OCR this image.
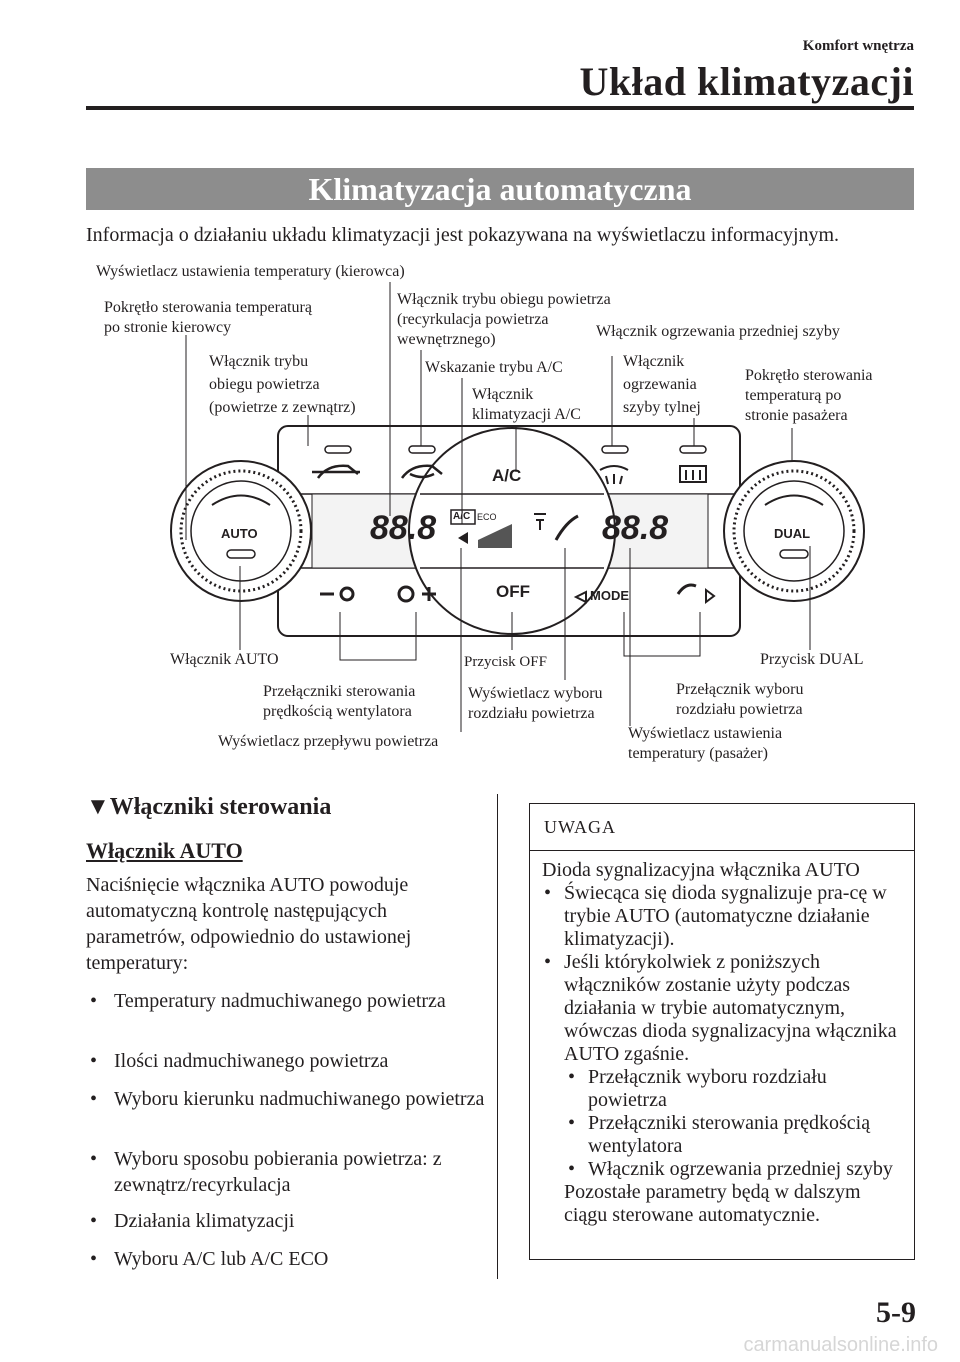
Komfort wnętrza
Układ klimatyzacji
Klimatyzacja automatyczna
Informacja o działaniu układu klimatyzacji jest pokazywana na wyświetlaczu informacyjnym.
A/C
OFF
AUTO	DUAL
MODE
88.8	88.8
A/C ECO
Wyświetlacz ustawienia temperatury (kierowca)
Pokrętło sterowania temperaturą
po stronie kierowcy
Włącznik trybu obiegu powietrza
(recyrkulacja powietrza
wewnętrznego)	Włącznik ogrzewania przedniej szyby
Włącznik trybu
obiegu powietrza
(powietrze z zewnątrz)
Wskazanie trybu A/C
Włącznik
klimatyzacji A/C
Włącznik
ogrzewania
szyby tylnej
Pokrętło sterowania
temperaturą po
stronie pasażera
Włącznik AUTO	Przycisk OFF	Przycisk DUAL
Przełączniki sterowania
prędkością wentylatora
Wyświetlacz przepływu powietrza
Wyświetlacz wyboru
rozdziału powietrza
Przełącznik wyboru
rozdziału powietrza
Wyświetlacz ustawienia
temperatury (pasażer)
▼Włączniki sterowania
Włącznik AUTO
Naciśnięcie włącznika AUTO powoduje automatyczną kontrolę następujących parametrów, odpowiednio do ustawionej temperatury:
• Temperatury nadmuchiwanego powietrza
• Ilości nadmuchiwanego powietrza
• Wyboru kierunku nadmuchiwanego powietrza
• Wyboru sposobu pobierania powietrza: z zewnątrz/recyrkulacja
• Działania klimatyzacji
• Wyboru A/C lub A/C ECO
UWAGA
Dioda sygnalizacyjna włącznika AUTO
• Świecąca się dioda sygnalizuje pra-cę w trybie AUTO (automatyczne działanie klimatyzacji).
• Jeśli którykolwiek z poniższych włączników zostanie użyty podczas działania w trybie automatycznym, wówczas dioda sygnalizacyjna włącznika AUTO zgaśnie.
• Przełącznik wyboru rozdziału powietrza
• Przełączniki sterowania prędkością wentylatora
• Włącznik ogrzewania przedniej szyby
Pozostałe parametry będą w dalszym ciągu sterowane automatycznie.
5-9
carmanualsonline.info
